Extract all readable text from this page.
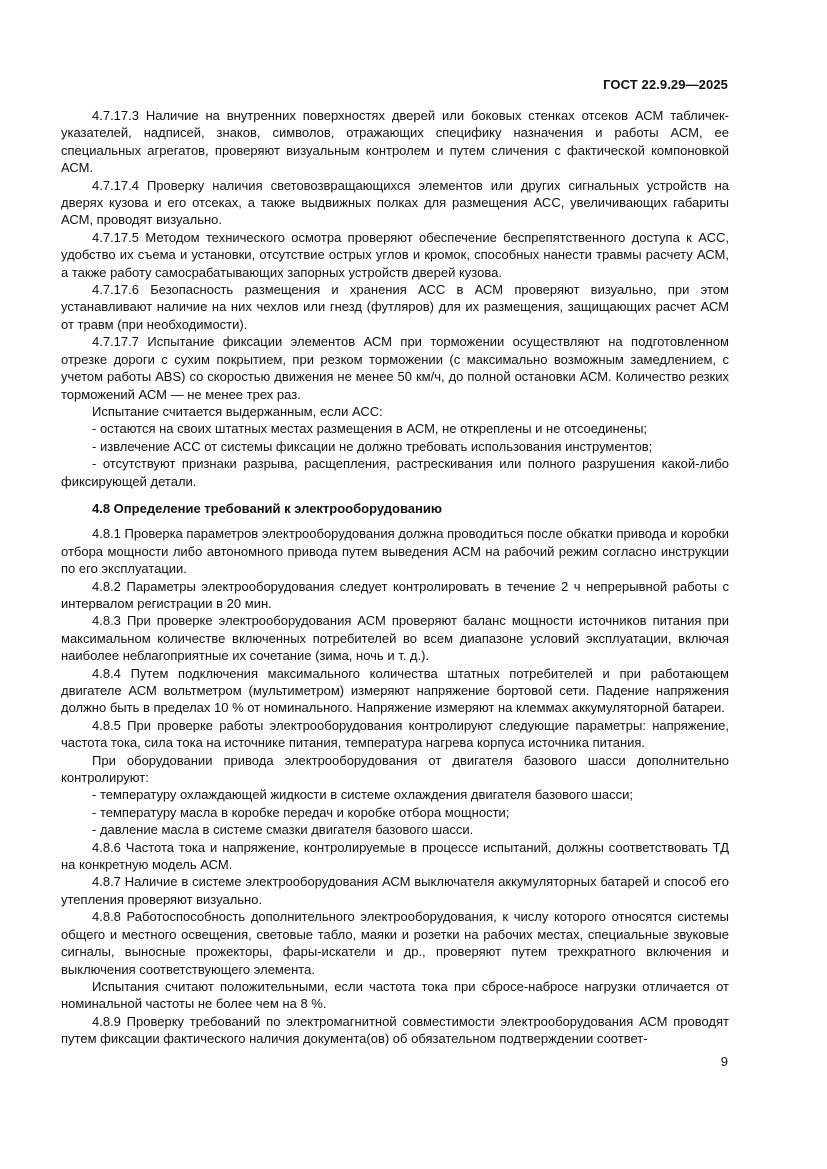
ГОСТ 22.9.29—2025

4.7.17.3 Наличие на внутренних поверхностях дверей или боковых стенках отсеков АСМ табличек-указателей, надписей, знаков, символов, отражающих специфику назначения и работы АСМ, ее специальных агрегатов, проверяют визуальным контролем и путем сличения с фактической компоновкой АСМ.

4.7.17.4 Проверку наличия световозвращающихся элементов или других сигнальных устройств на дверях кузова и его отсеках, а также выдвижных полках для размещения АСС, увеличивающих габариты АСМ, проводят визуально.

4.7.17.5 Методом технического осмотра проверяют обеспечение беспрепятственного доступа к АСС, удобство их съема и установки, отсутствие острых углов и кромок, способных нанести травмы расчету АСМ, а также работу самосрабатывающих запорных устройств дверей кузова.

4.7.17.6 Безопасность размещения и хранения АСС в АСМ проверяют визуально, при этом устанавливают наличие на них чехлов или гнезд (футляров) для их размещения, защищающих расчет АСМ от травм (при необходимости).

4.7.17.7 Испытание фиксации элементов АСМ при торможении осуществляют на подготовленном отрезке дороги с сухим покрытием, при резком торможении (с максимально возможным замедлением, с учетом работы ABS) со скоростью движения не менее 50 км/ч, до полной остановки АСМ. Количество резких торможений АСМ — не менее трех раз.

Испытание считается выдержанным, если АСС:

- остаются на своих штатных местах размещения в АСМ, не откреплены и не отсоединены;

- извлечение АСС от системы фиксации не должно требовать использования инструментов;

- отсутствуют признаки разрыва, расщепления, растрескивания или полного разрушения какой-либо фиксирующей детали.

4.8 Определение требований к электрооборудованию

4.8.1 Проверка параметров электрооборудования должна проводиться после обкатки привода и коробки отбора мощности либо автономного привода путем выведения АСМ на рабочий режим согласно инструкции по его эксплуатации.

4.8.2 Параметры электрооборудования следует контролировать в течение 2 ч непрерывной работы с интервалом регистрации в 20 мин.

4.8.3 При проверке электрооборудования АСМ проверяют баланс мощности источников питания при максимальном количестве включенных потребителей во всем диапазоне условий эксплуатации, включая наиболее неблагоприятные их сочетание (зима, ночь и т. д.).

4.8.4 Путем подключения максимального количества штатных потребителей и при работающем двигателе АСМ вольтметром (мультиметром) измеряют напряжение бортовой сети. Падение напряжения должно быть в пределах 10 % от номинального. Напряжение измеряют на клеммах аккумуляторной батареи.

4.8.5 При проверке работы электрооборудования контролируют следующие параметры: напряжение, частота тока, сила тока на источнике питания, температура нагрева корпуса источника питания.

При оборудовании привода электрооборудования от двигателя базового шасси дополнительно контролируют:

- температуру охлаждающей жидкости в системе охлаждения двигателя базового шасси;

- температуру масла в коробке передач и коробке отбора мощности;

- давление масла в системе смазки двигателя базового шасси.

4.8.6 Частота тока и напряжение, контролируемые в процессе испытаний, должны соответствовать ТД на конкретную модель АСМ.

4.8.7 Наличие в системе электрооборудования АСМ выключателя аккумуляторных батарей и способ его утепления проверяют визуально.

4.8.8 Работоспособность дополнительного электрооборудования, к числу которого относятся системы общего и местного освещения, световые табло, маяки и розетки на рабочих местах, специальные звуковые сигналы, выносные прожекторы, фары-искатели и др., проверяют путем трехкратного включения и выключения соответствующего элемента.

Испытания считают положительными, если частота тока при сбросе-набросе нагрузки отличается от номинальной частоты не более чем на 8 %.

4.8.9 Проверку требований по электромагнитной совместимости электрооборудования АСМ проводят путем фиксации фактического наличия документа(ов) об обязательном подтверждении соответ-

9
